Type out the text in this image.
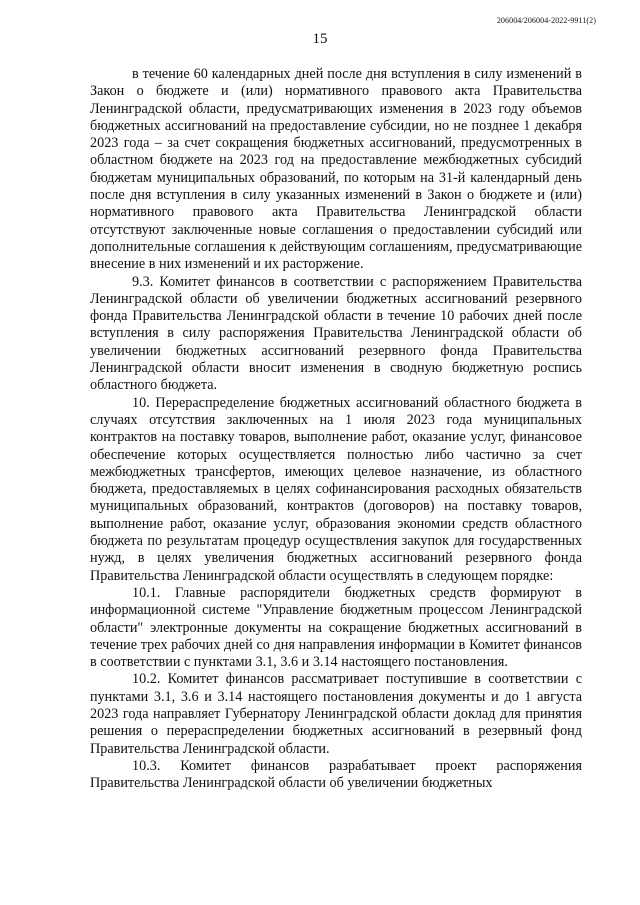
206004/206004-2022-9911(2)
15

в течение 60 календарных дней после дня вступления в силу изменений в Закон о бюджете и (или) нормативного правового акта Правительства Ленинградской области, предусматривающих изменения в 2023 году объемов бюджетных ассигнований на предоставление субсидии, но не позднее 1 декабря 2023 года – за счет сокращения бюджетных ассигнований, предусмотренных в областном бюджете на 2023 год на предоставление межбюджетных субсидий бюджетам муниципальных образований, по которым на 31-й календарный день после дня вступления в силу указанных изменений в Закон о бюджете и (или) нормативного правового акта Правительства Ленинградской области отсутствуют заключенные новые соглашения о предоставлении субсидий или дополнительные соглашения к действующим соглашениям, предусматривающие внесение в них изменений и их расторжение.

9.3. Комитет финансов в соответствии с распоряжением Правительства Ленинградской области об увеличении бюджетных ассигнований резервного фонда Правительства Ленинградской области в течение 10 рабочих дней после вступления в силу распоряжения Правительства Ленинградской области об увеличении бюджетных ассигнований резервного фонда Правительства Ленинградской области вносит изменения в сводную бюджетную роспись областного бюджета.

10. Перераспределение бюджетных ассигнований областного бюджета в случаях отсутствия заключенных на 1 июля 2023 года муниципальных контрактов на поставку товаров, выполнение работ, оказание услуг, финансовое обеспечение которых осуществляется полностью либо частично за счет межбюджетных трансфертов, имеющих целевое назначение, из областного бюджета, предоставляемых в целях софинансирования расходных обязательств муниципальных образований, контрактов (договоров) на поставку товаров, выполнение работ, оказание услуг, образования экономии средств областного бюджета по результатам процедур осуществления закупок для государственных нужд, в целях увеличения бюджетных ассигнований резервного фонда Правительства Ленинградской области осуществлять в следующем порядке:

10.1. Главные распорядители бюджетных средств формируют в информационной системе "Управление бюджетным процессом Ленинградской области" электронные документы на сокращение бюджетных ассигнований в течение трех рабочих дней со дня направления информации в Комитет финансов в соответствии с пунктами 3.1, 3.6 и 3.14 настоящего постановления.

10.2. Комитет финансов рассматривает поступившие в соответствии с пунктами 3.1, 3.6 и 3.14 настоящего постановления документы и до 1 августа 2023 года направляет Губернатору Ленинградской области доклад для принятия решения о перераспределении бюджетных ассигнований в резервный фонд Правительства Ленинградской области.

10.3. Комитет финансов разрабатывает проект распоряжения Правительства Ленинградской области об увеличении бюджетных
